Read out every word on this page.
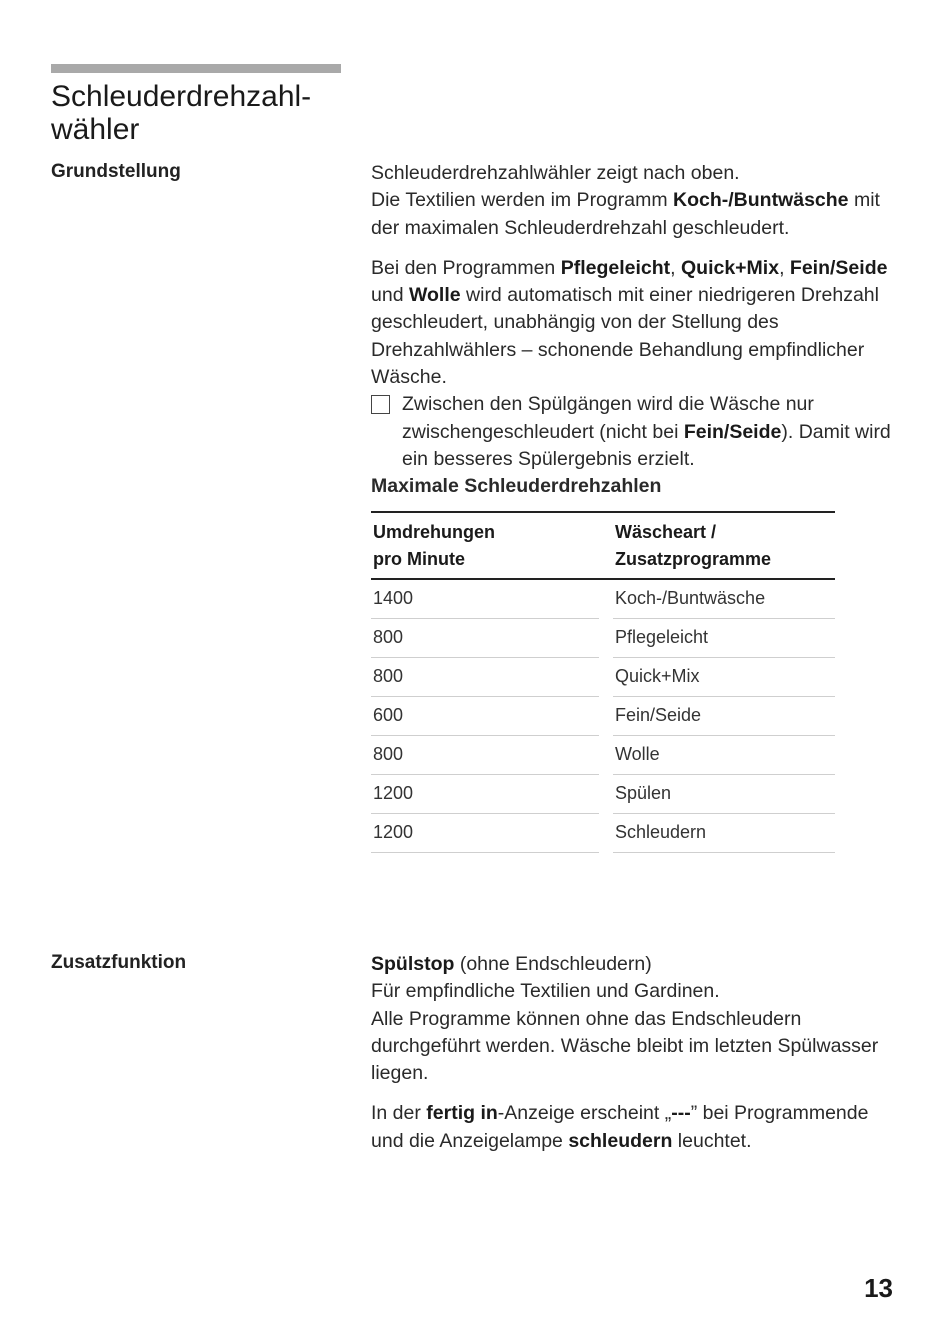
Schleuderdrehzahl-
wähler

Grundstellung	Schleuderdrehzahlwähler zeigt nach oben.
Die Textilien werden im Programm Koch-/Buntwäsche mit der maximalen Schleuderdrehzahl geschleudert.

Bei den Programmen Pflegeleicht, Quick+Mix, Fein/Seide und Wolle wird automatisch mit einer niedrigeren Drehzahl geschleudert, unabhängig von der Stellung des Drehzahlwählers – schonende Behandlung empfindlicher Wäsche.

Zwischen den Spülgängen wird die Wäsche nur zwischengeschleudert (nicht bei Fein/Seide). Damit wird ein besseres Spülergebnis erzielt.

Maximale Schleuderdrehzahlen

Umdrehungen
pro Minute		Wäscheart /
Zusatzprogramme

1400		Koch-/Buntwäsche
800		Pflegeleicht
800		Quick+Mix
600		Fein/Seide
800		Wolle
1200		Spülen
1200		Schleudern

Zusatzfunktion	Spülstop (ohne Endschleudern)
Für empfindliche Textilien und Gardinen.
Alle Programme können ohne das Endschleudern durchgeführt werden. Wäsche bleibt im letzten Spülwasser liegen.

In der fertig in-Anzeige erscheint „---” bei Programmende und die Anzeigelampe schleudern leuchtet.

13
